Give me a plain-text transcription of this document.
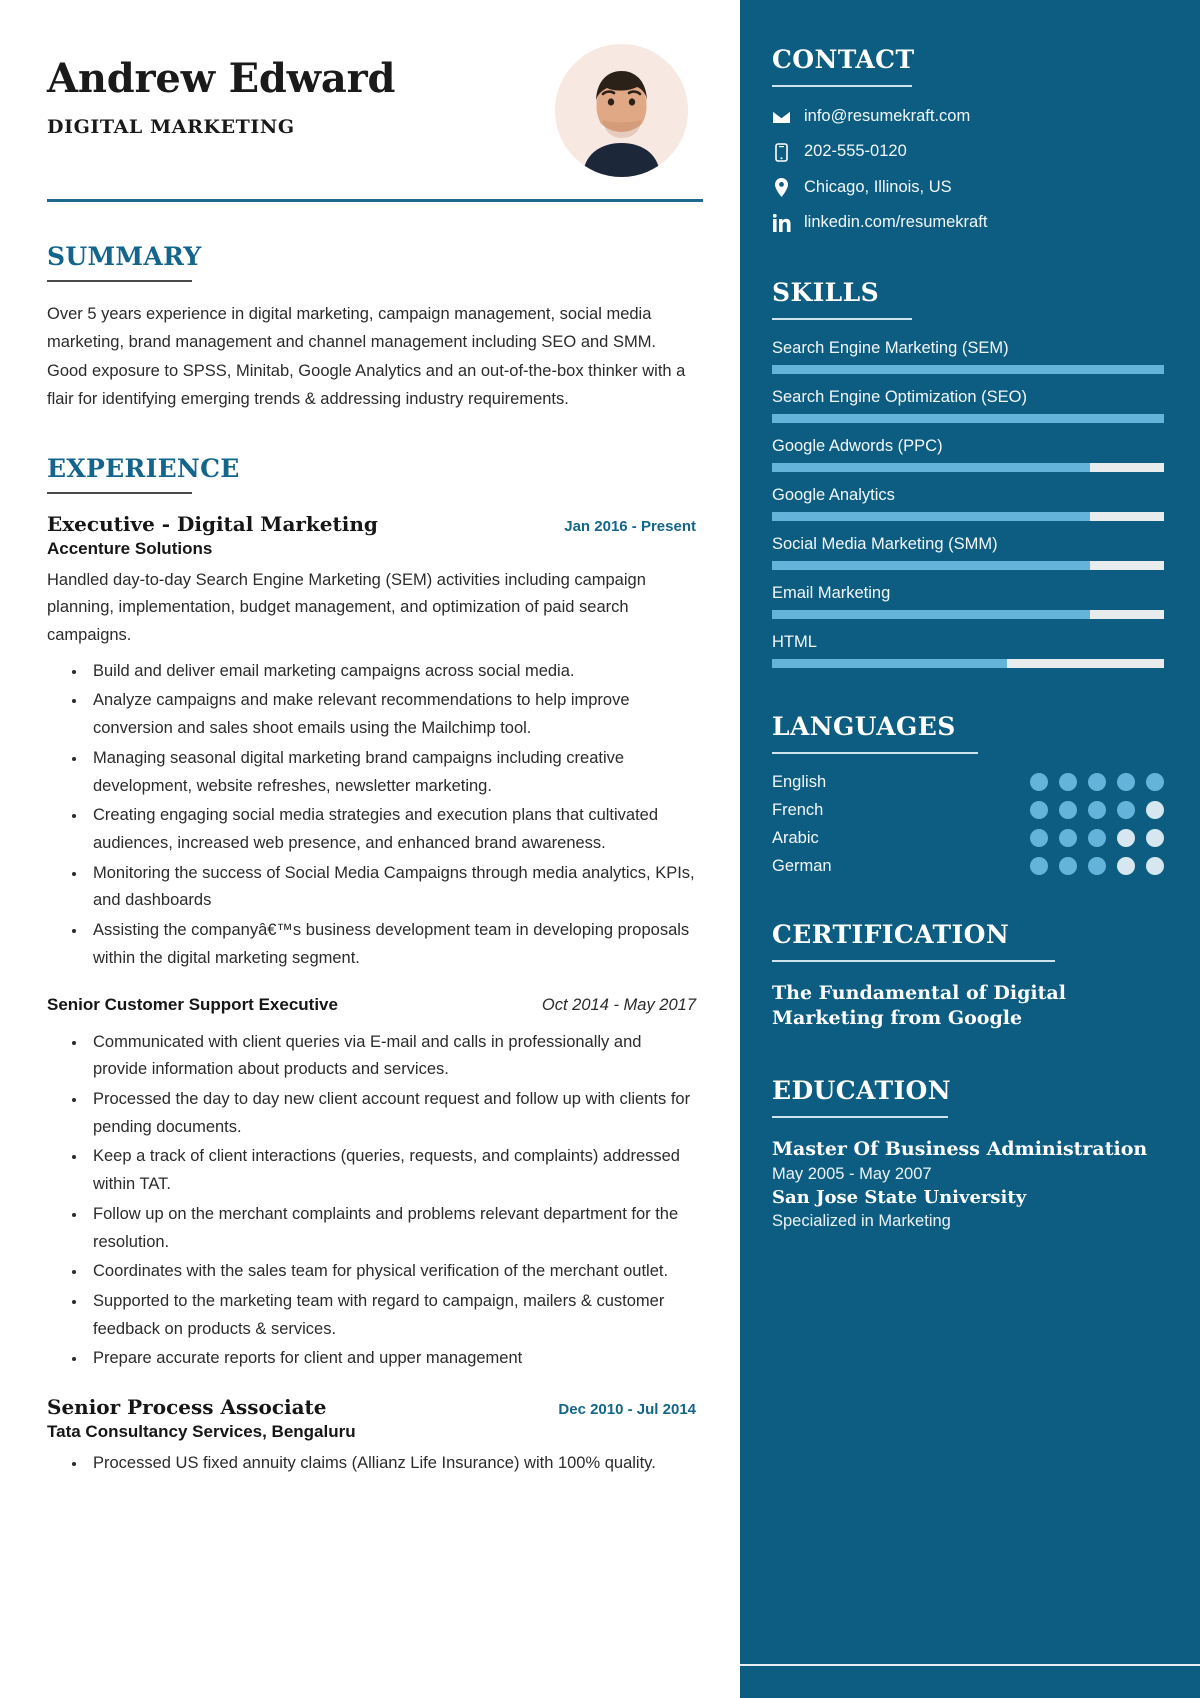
Andrew Edward
DIGITAL MARKETING
SUMMARY
Over 5 years experience in digital marketing, campaign management, social media marketing, brand management and channel management including SEO and SMM. Good exposure to SPSS, Minitab, Google Analytics and an out-of-the-box thinker with a flair for identifying emerging trends & addressing industry requirements.
EXPERIENCE
Executive - Digital Marketing	Jan 2016 - Present
Accenture Solutions
Handled day-to-day Search Engine Marketing (SEM) activities including campaign planning, implementation, budget management, and optimization of paid search campaigns.
• Build and deliver email marketing campaigns across social media.
• Analyze campaigns and make relevant recommendations to help improve conversion and sales shoot emails using the Mailchimp tool.
• Managing seasonal digital marketing brand campaigns including creative development, website refreshes, newsletter marketing.
• Creating engaging social media strategies and execution plans that cultivated audiences, increased web presence, and enhanced brand awareness.
• Monitoring the success of Social Media Campaigns through media analytics, KPIs, and dashboards
• Assisting the companyâ€™s business development team in developing proposals within the digital marketing segment.
Senior Customer Support Executive	Oct 2014 - May 2017
• Communicated with client queries via E-mail and calls in professionally and provide information about products and services.
• Processed the day to day new client account request and follow up with clients for pending documents.
• Keep a track of client interactions (queries, requests, and complaints) addressed within TAT.
• Follow up on the merchant complaints and problems relevant department for the resolution.
• Coordinates with the sales team for physical verification of the merchant outlet.
• Supported to the marketing team with regard to campaign, mailers & customer feedback on products & services.
• Prepare accurate reports for client and upper management
Senior Process Associate	Dec 2010 - Jul 2014
Tata Consultancy Services, Bengaluru
• Processed US fixed annuity claims (Allianz Life Insurance) with 100% quality.
CONTACT
info@resumekraft.com
202-555-0120
Chicago, Illinois, US
linkedin.com/resumekraft
SKILLS
Search Engine Marketing (SEM)
Search Engine Optimization (SEO)
Google Adwords (PPC)
Google Analytics
Social Media Marketing (SMM)
Email Marketing
HTML
LANGUAGES
English
French
Arabic
German
CERTIFICATION
The Fundamental of Digital Marketing from Google
EDUCATION
Master Of Business Administration
May 2005 - May 2007
San Jose State University
Specialized in Marketing
